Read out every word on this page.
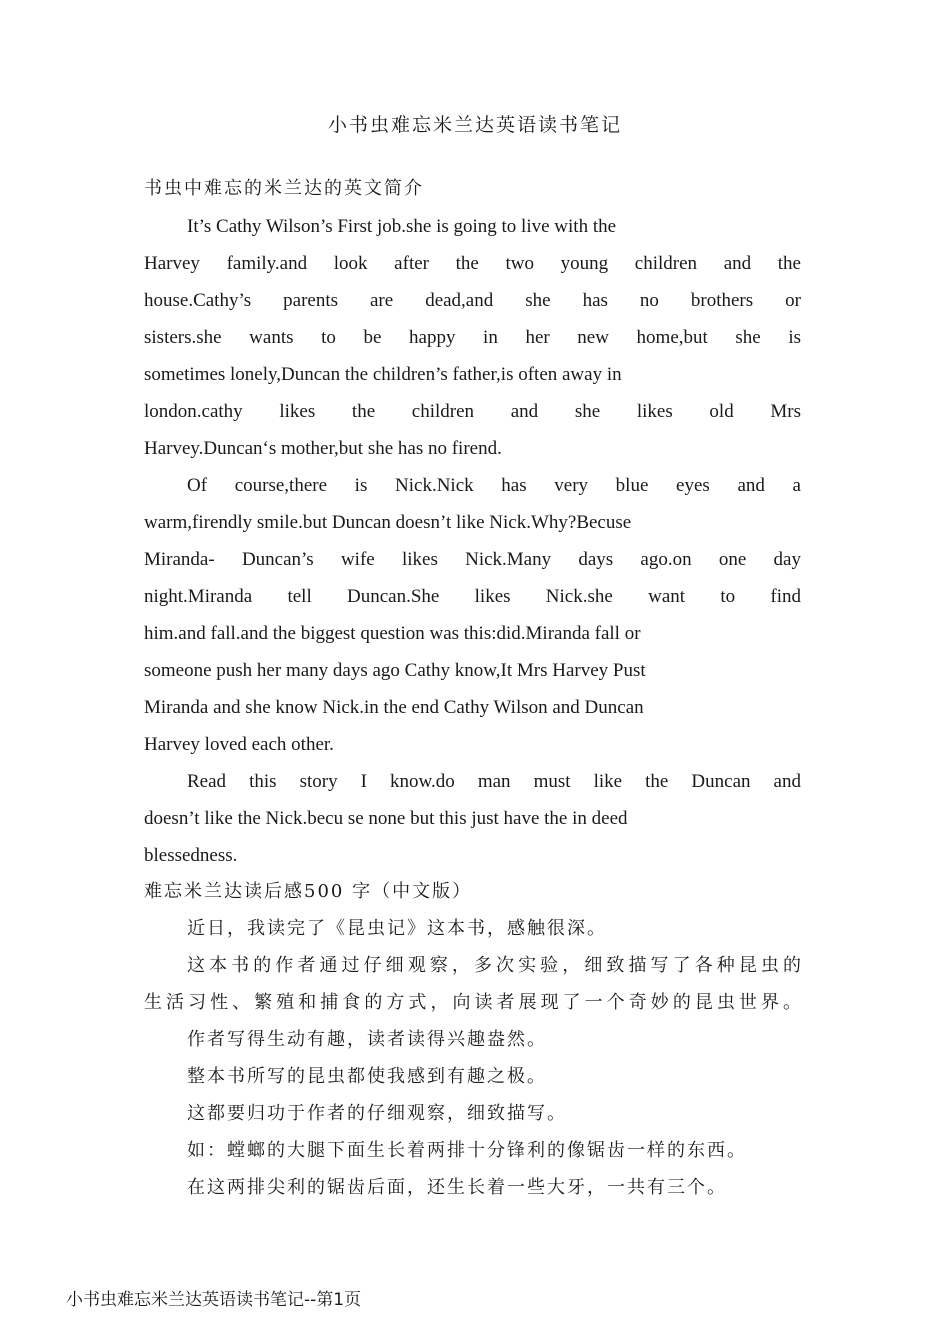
小书虫难忘米兰达英语读书笔记
书虫中难忘的米兰达的英文简介
It’s Cathy Wilson’s First job.she is going to live with the
Harvey family.and look after the two young children and the
house.Cathy’s parents are dead,and she has no brothers or
sisters.she wants to be happy in her new home,but she is
sometimes lonely,Duncan the children’s father,is often away in
london.cathy likes the children and she likes old Mrs
Harvey.Duncan‘s mother,but she has no firend.
Of course,there is Nick.Nick has very blue eyes and a
warm,firendly smile.but Duncan doesn’t like Nick.Why?Becuse
Miranda- Duncan’s wife likes Nick.Many days ago.on one day
night.Miranda tell Duncan.She likes Nick.she want to find
him.and fall.and the biggest question was this:did.Miranda fall or
someone push her many days ago Cathy know,It Mrs Harvey Pust
Miranda and she know Nick.in the end Cathy Wilson and Duncan
Harvey loved each other.
Read this story I know.do man must like the Duncan and
doesn’t like the Nick.becu se none but this just have the in deed
blessedness.
难忘米兰达读后感500 字（中文版）
近日，我读完了《昆虫记》这本书，感触很深。
这本书的作者通过仔细观察，多次实验，细致描写了各种昆虫的
生活习性、繁殖和捕食的方式，向读者展现了一个奇妙的昆虫世界。
作者写得生动有趣，读者读得兴趣盎然。
整本书所写的昆虫都使我感到有趣之极。
这都要归功于作者的仔细观察，细致描写。
如：螳螂的大腿下面生长着两排十分锋利的像锯齿一样的东西。
在这两排尖利的锯齿后面，还生长着一些大牙，一共有三个。
小书虫难忘米兰达英语读书笔记--第1页
